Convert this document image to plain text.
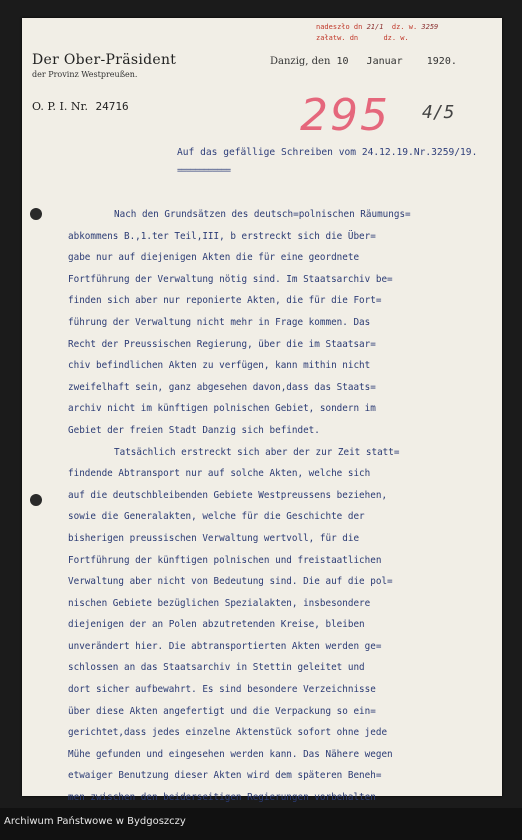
Der Ober-Präsident
der Provinz Westpreußen.
O. P. I. Nr. 24716
Danzig, den 10 Januar 1920.
nadeszło dn 21/1 dz. w. 3259
załatw. dn	dz. w.
295 4/5
Auf das gefällige Schreiben vom 24.12.19.Nr.3259/19.
============
Nach den Grundsätzen des deutsch=polnischen Räumungs=
abkommens B.,1.ter Teil,III, b erstreckt sich die Über=
gabe nur auf diejenigen Akten die für eine geordnete
Fortführung der Verwaltung nötig sind. Im Staatsarchiv be=
finden sich aber nur reponierte Akten, die für die Fort=
führung der Verwaltung nicht mehr in Frage kommen. Das
Recht der Preussischen Regierung, über die im Staatsar=
chiv befindlichen Akten zu verfügen, kann mithin nicht
zweifelhaft sein, ganz abgesehen davon,dass das Staats=
archiv nicht im künftigen polnischen Gebiet, sondern im
Gebiet der freien Stadt Danzig sich befindet.
Tatsächlich erstreckt sich aber der zur Zeit statt=
findende Abtransport nur auf solche Akten, welche sich
auf die deutschbleibenden Gebiete Westpreussens beziehen,
sowie die Generalakten, welche für die Geschichte der
bisherigen preussischen Verwaltung wertvoll, für die
Fortführung der künftigen polnischen und freistaatlichen
Verwaltung aber nicht von Bedeutung sind. Die auf die pol=
nischen Gebiete bezüglichen Spezialakten, insbesondere
diejenigen der an Polen abzutretenden Kreise, bleiben
unverändert hier. Die abtransportierten Akten werden ge=
schlossen an das Staatsarchiv in Stettin geleitet und
dort sicher aufbewahrt. Es sind besondere Verzeichnisse
über diese Akten angefertigt und die Verpackung so ein=
gerichtet,dass jedes einzelne Aktenstück sofort ohne jede
Mühe gefunden und eingesehen werden kann. Das Nähere wegen
etwaiger Benutzung dieser Akten wird dem späteren Beneh=
men zwischen den beiderseitigen Regierungen vorbehalten
Archiwum Państwowe w Bydgoszczy
